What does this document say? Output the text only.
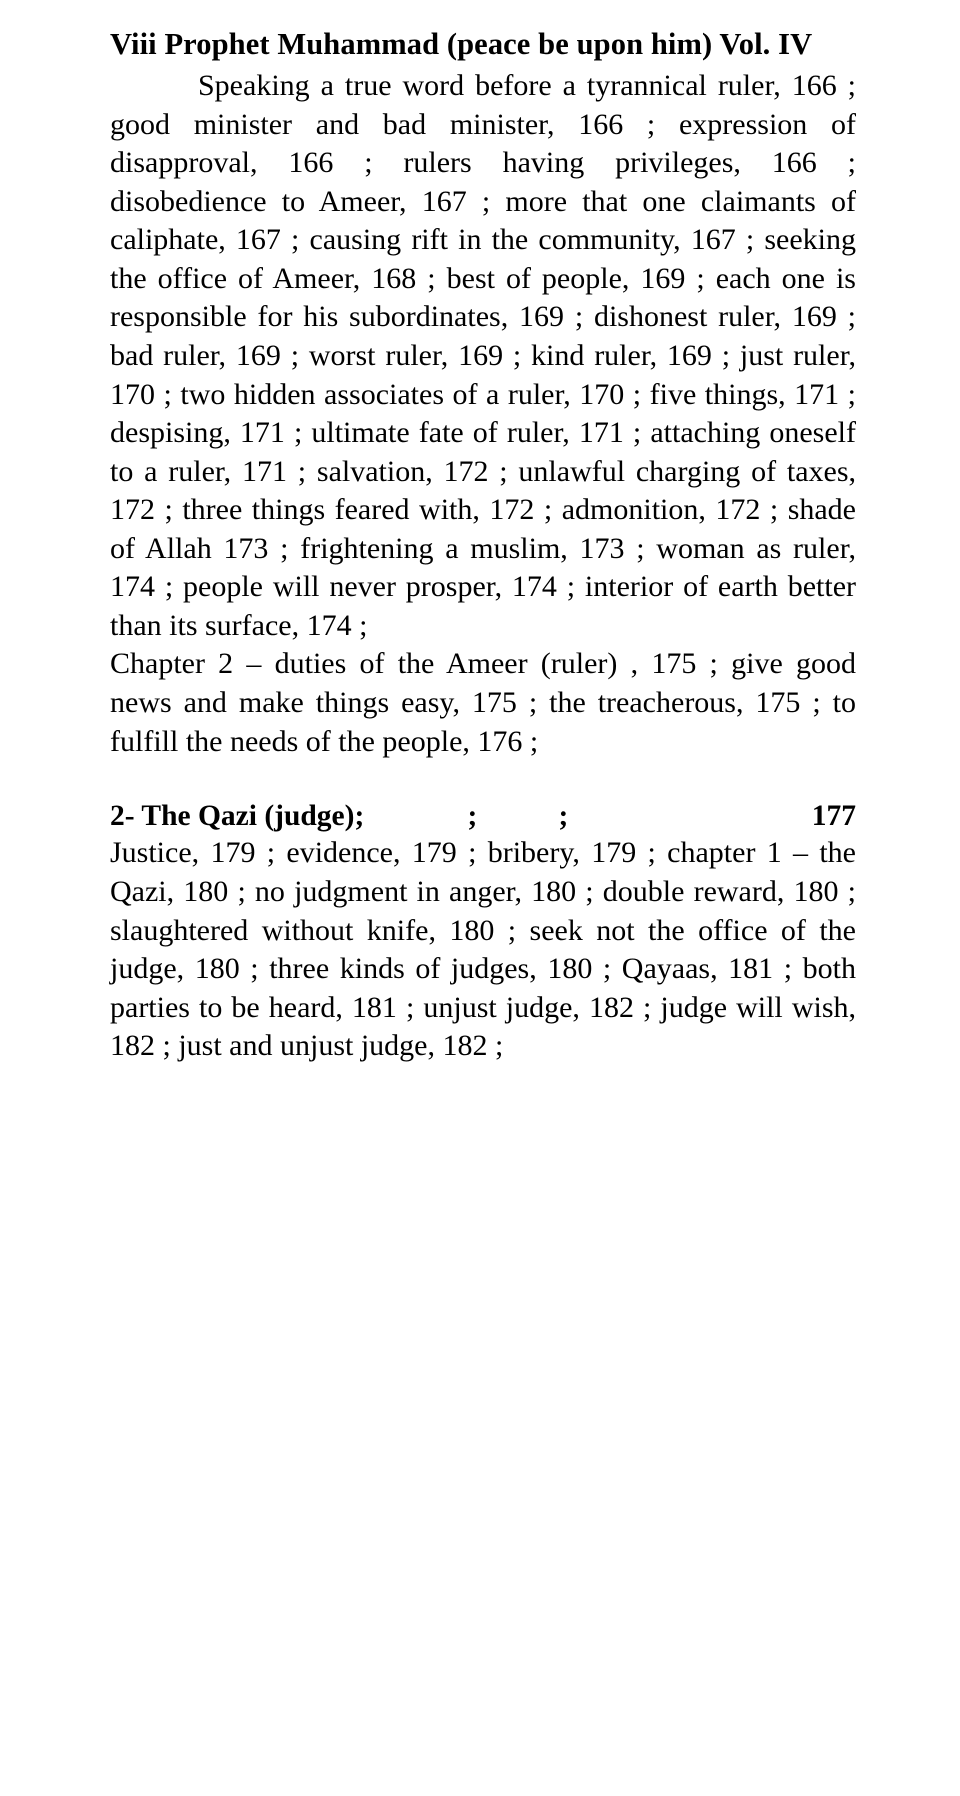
Viii Prophet Muhammad (peace be upon him) Vol. IV

Speaking a true word before a tyrannical ruler, 166 ; good minister and bad minister, 166 ; expression of disapproval, 166 ; rulers having privileges, 166 ; disobedience to Ameer, 167 ; more that one claimants of caliphate, 167 ; causing rift in the community, 167 ; seeking the office of Ameer, 168 ; best of people, 169 ; each one is responsible for his subordinates, 169 ; dishonest ruler, 169 ; bad ruler, 169 ; worst ruler, 169 ; kind ruler, 169 ; just ruler, 170 ; two hidden associates of a ruler, 170 ; five things, 171 ; despising, 171 ; ultimate fate of ruler, 171 ; attaching oneself to a ruler, 171 ; salvation, 172 ; unlawful charging of taxes, 172 ; three things feared with, 172 ; admonition, 172 ; shade of Allah 173 ; frightening a muslim, 173 ; woman as ruler, 174 ; people will never prosper, 174 ; interior of earth better than its surface, 174 ;

Chapter 2 – duties of the Ameer (ruler) , 175 ; give good news and make things easy, 175 ; the treacherous, 175 ; to fulfill the needs of the people, 176 ;

2- The Qazi (judge) ;              ;           ;	177

Justice, 179 ; evidence, 179 ; bribery, 179 ; chapter 1 – the Qazi, 180 ; no judgment in anger, 180 ; double reward, 180 ; slaughtered without knife, 180 ; seek not the office of the judge, 180 ; three kinds of judges, 180 ; Qayaas, 181 ; both parties to be heard, 181 ; unjust judge, 182 ; judge will wish, 182 ; just and unjust judge, 182 ;
